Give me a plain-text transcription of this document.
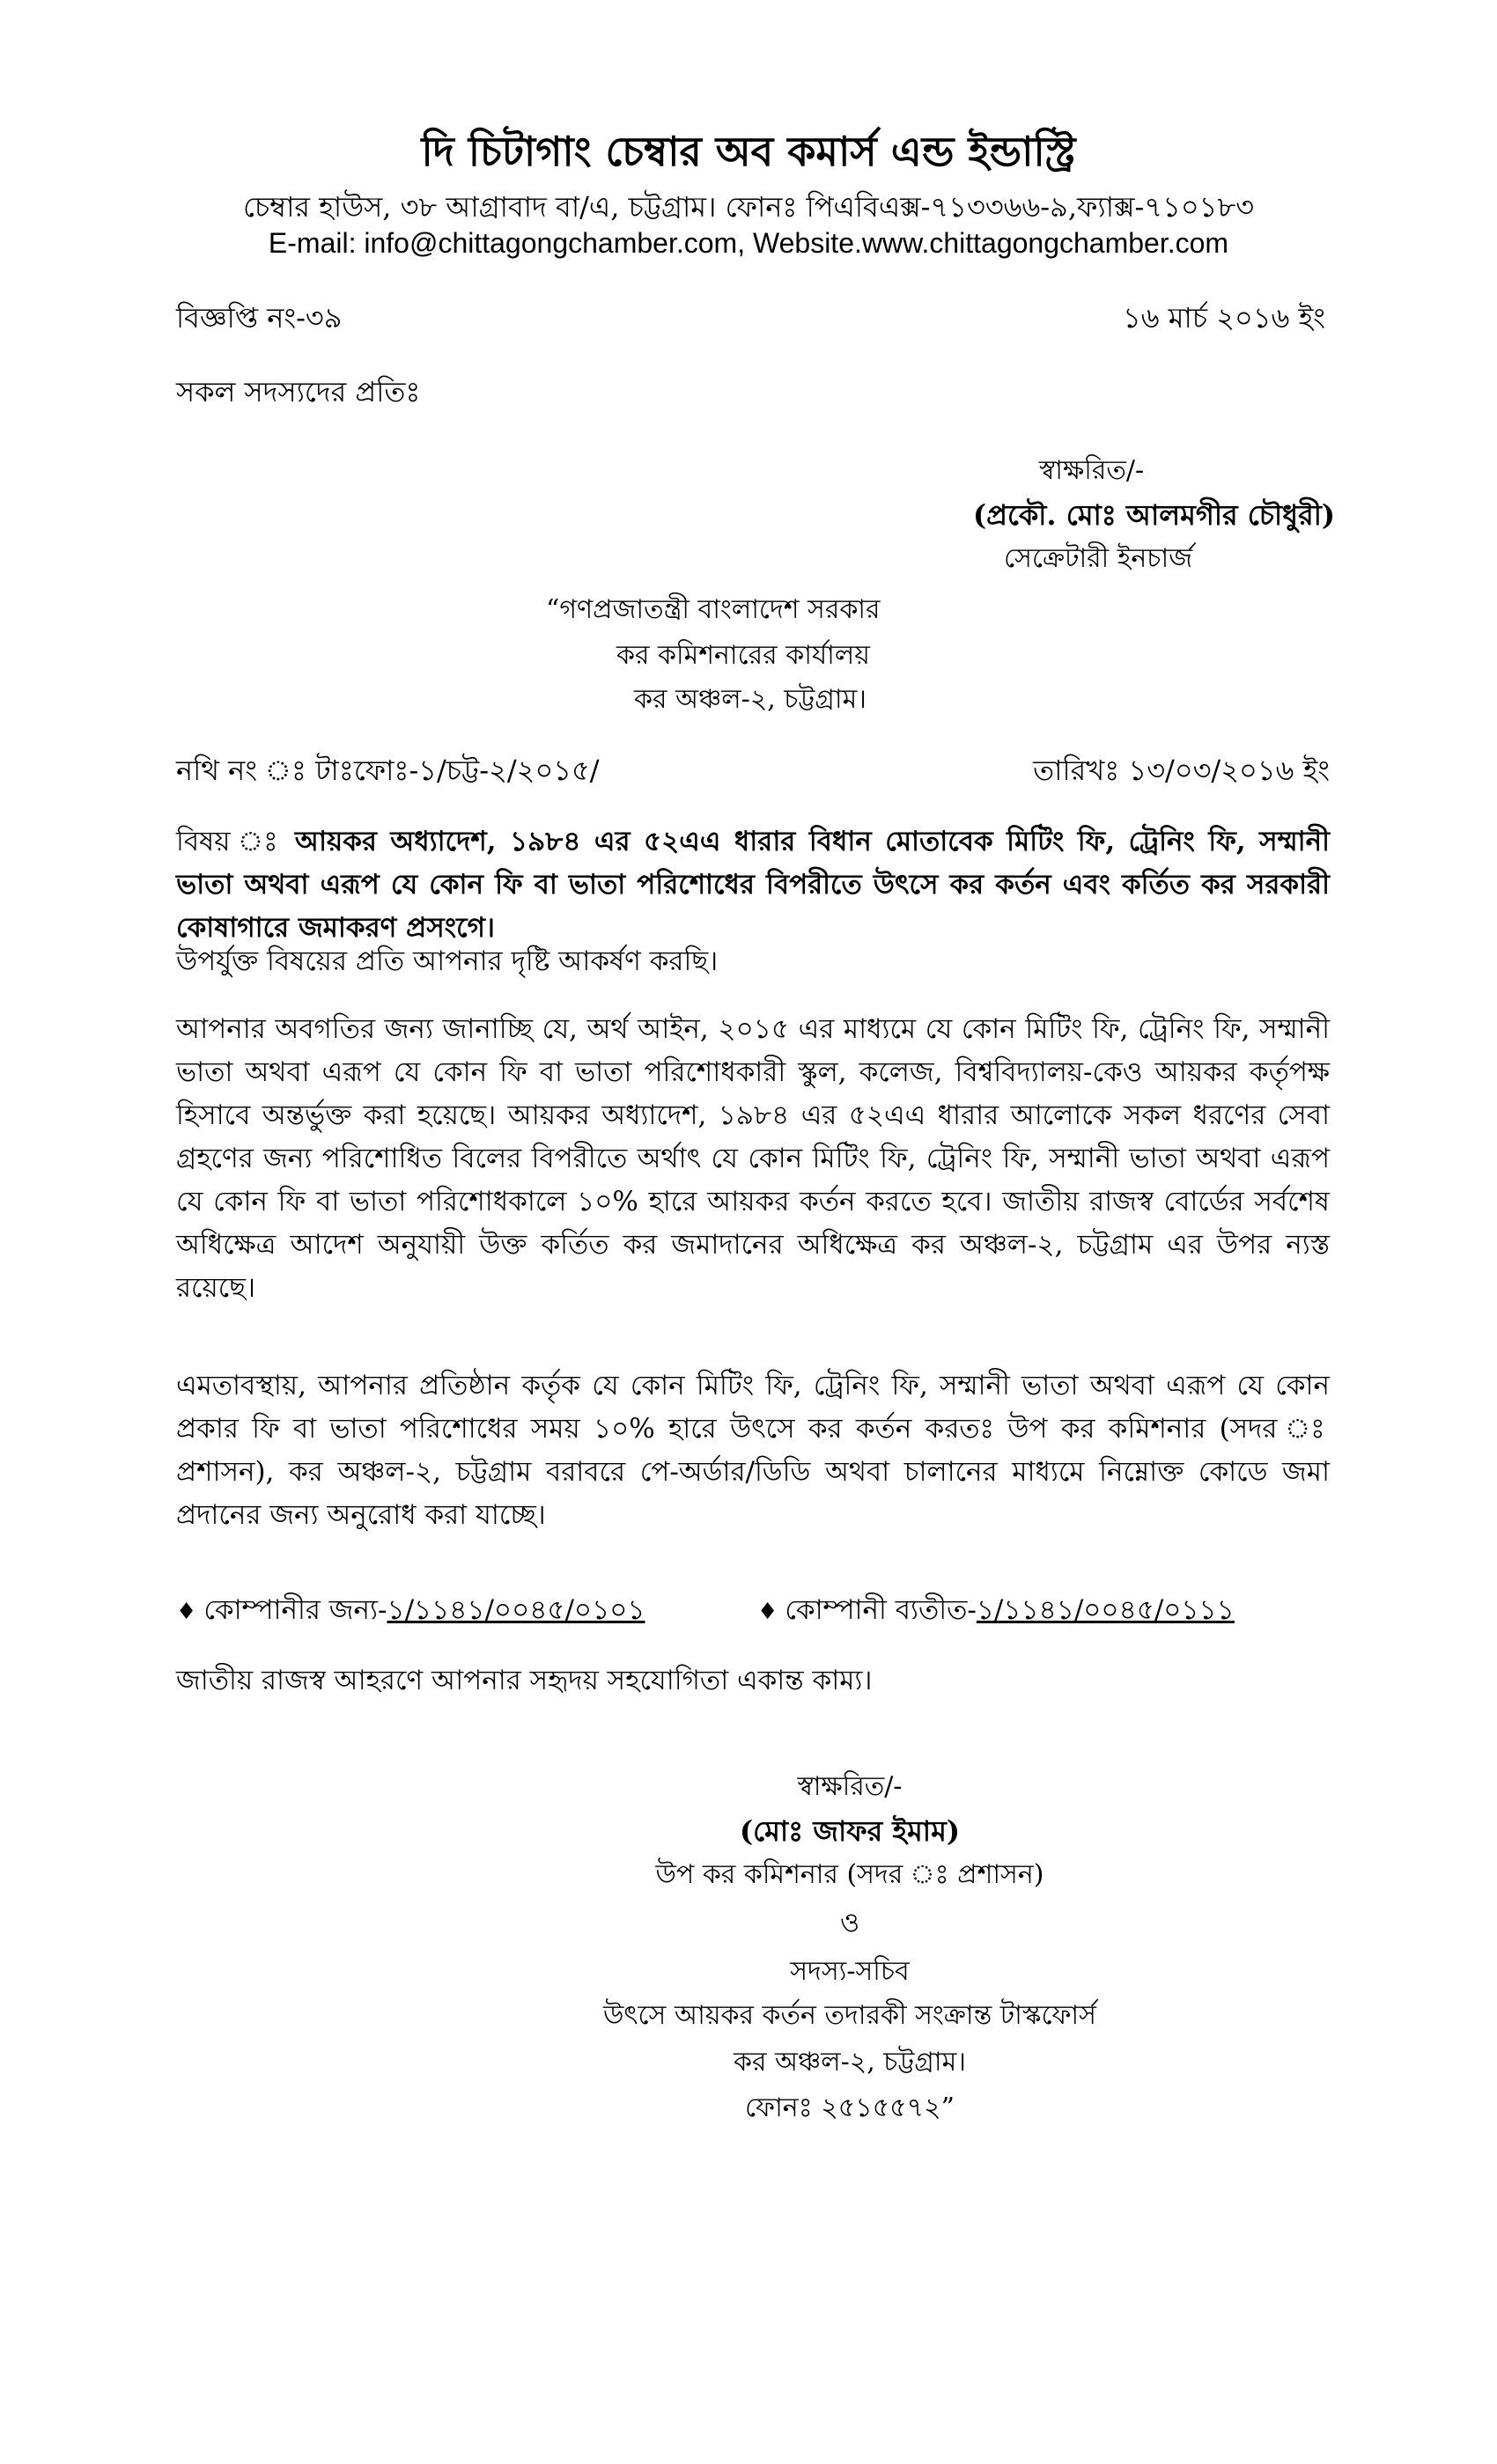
দি চিটাগাং চেম্বার অব কমার্স এন্ড ইন্ডাস্ট্রি
চেম্বার হাউস, ৩৮ আগ্রাবাদ বা/এ, চট্টগ্রাম। ফোনঃ পিএবিএক্স-৭১৩৩৬৬-৯,ফ্যাক্স-৭১০১৮৩
E-mail: info@chittagongchamber.com, Website.www.chittagongchamber.com
বিজ্ঞপ্তি নং-৩৯	১৬ মার্চ ২০১৬ ইং
সকল সদস্যদের প্রতিঃ
স্বাক্ষরিত/-
(প্রকৌ. মোঃ আলমগীর চৌধুরী)
সেক্রেটারী ইনচার্জ
“গণপ্রজাতন্ত্রী বাংলাদেশ সরকার
কর কমিশনারের কার্যালয়
কর অঞ্চল-২, চট্টগ্রাম।
নথি নং ঃ টাঃফোঃ-১/চট্ট-২/২০১৫/	তারিখঃ ১৩/০৩/২০১৬ ইং
বিষয় ঃ আয়কর অধ্যাদেশ, ১৯৮৪ এর ৫২এএ ধারার বিধান মোতাবেক মিটিং ফি, ট্রেনিং ফি, সম্মানী ভাতা অথবা এরূপ যে কোন ফি বা ভাতা পরিশোধের বিপরীতে উৎসে কর কর্তন এবং কর্তিত কর সরকারী কোষাগারে জমাকরণ প্রসংগে।
উপর্যুক্ত বিষয়ের প্রতি আপনার দৃষ্টি আকর্ষণ করছি।
আপনার অবগতির জন্য জানাচ্ছি যে, অর্থ আইন, ২০১৫ এর মাধ্যমে যে কোন মিটিং ফি, ট্রেনিং ফি, সম্মানী ভাতা অথবা এরূপ যে কোন ফি বা ভাতা পরিশোধকারী স্কুল, কলেজ, বিশ্ববিদ্যালয়-কেও আয়কর কর্তৃপক্ষ হিসাবে অন্তর্ভুক্ত করা হয়েছে। আয়কর অধ্যাদেশ, ১৯৮৪ এর ৫২এএ ধারার আলোকে সকল ধরণের সেবা গ্রহণের জন্য পরিশোধিত বিলের বিপরীতে অর্থাৎ যে কোন মিটিং ফি, ট্রেনিং ফি, সম্মানী ভাতা অথবা এরূপ যে কোন ফি বা ভাতা পরিশোধকালে ১০% হারে আয়কর কর্তন করতে হবে। জাতীয় রাজস্ব বোর্ডের সর্বশেষ অধিক্ষেত্র আদেশ অনুযায়ী উক্ত কর্তিত কর জমাদানের অধিক্ষেত্র কর অঞ্চল-২, চট্টগ্রাম এর উপর ন্যস্ত রয়েছে।
এমতাবস্থায়, আপনার প্রতিষ্ঠান কর্তৃক যে কোন মিটিং ফি, ট্রেনিং ফি, সম্মানী ভাতা অথবা এরূপ যে কোন প্রকার ফি বা ভাতা পরিশোধের সময় ১০% হারে উৎসে কর কর্তন করতঃ উপ কর কমিশনার (সদর ঃ প্রশাসন), কর অঞ্চল-২, চট্টগ্রাম বরাবরে পে-অর্ডার/ডিডি অথবা চালানের মাধ্যমে নিম্নোক্ত কোডে জমা প্রদানের জন্য অনুরোধ করা যাচ্ছে।
♦ কোম্পানীর জন্য-১/১১৪১/০০৪৫/০১০১	♦ কোম্পানী ব্যতীত-১/১১৪১/০০৪৫/০১১১
জাতীয় রাজস্ব আহরণে আপনার সহৃদয় সহযোগিতা একান্ত কাম্য।
স্বাক্ষরিত/-
(মোঃ জাফর ইমাম)
উপ কর কমিশনার (সদর ঃ প্রশাসন)
ও
সদস্য-সচিব
উৎসে আয়কর কর্তন তদারকী সংক্রান্ত টাস্কফোর্স
কর অঞ্চল-২, চট্টগ্রাম।
ফোনঃ ২৫১৫৫৭২”
